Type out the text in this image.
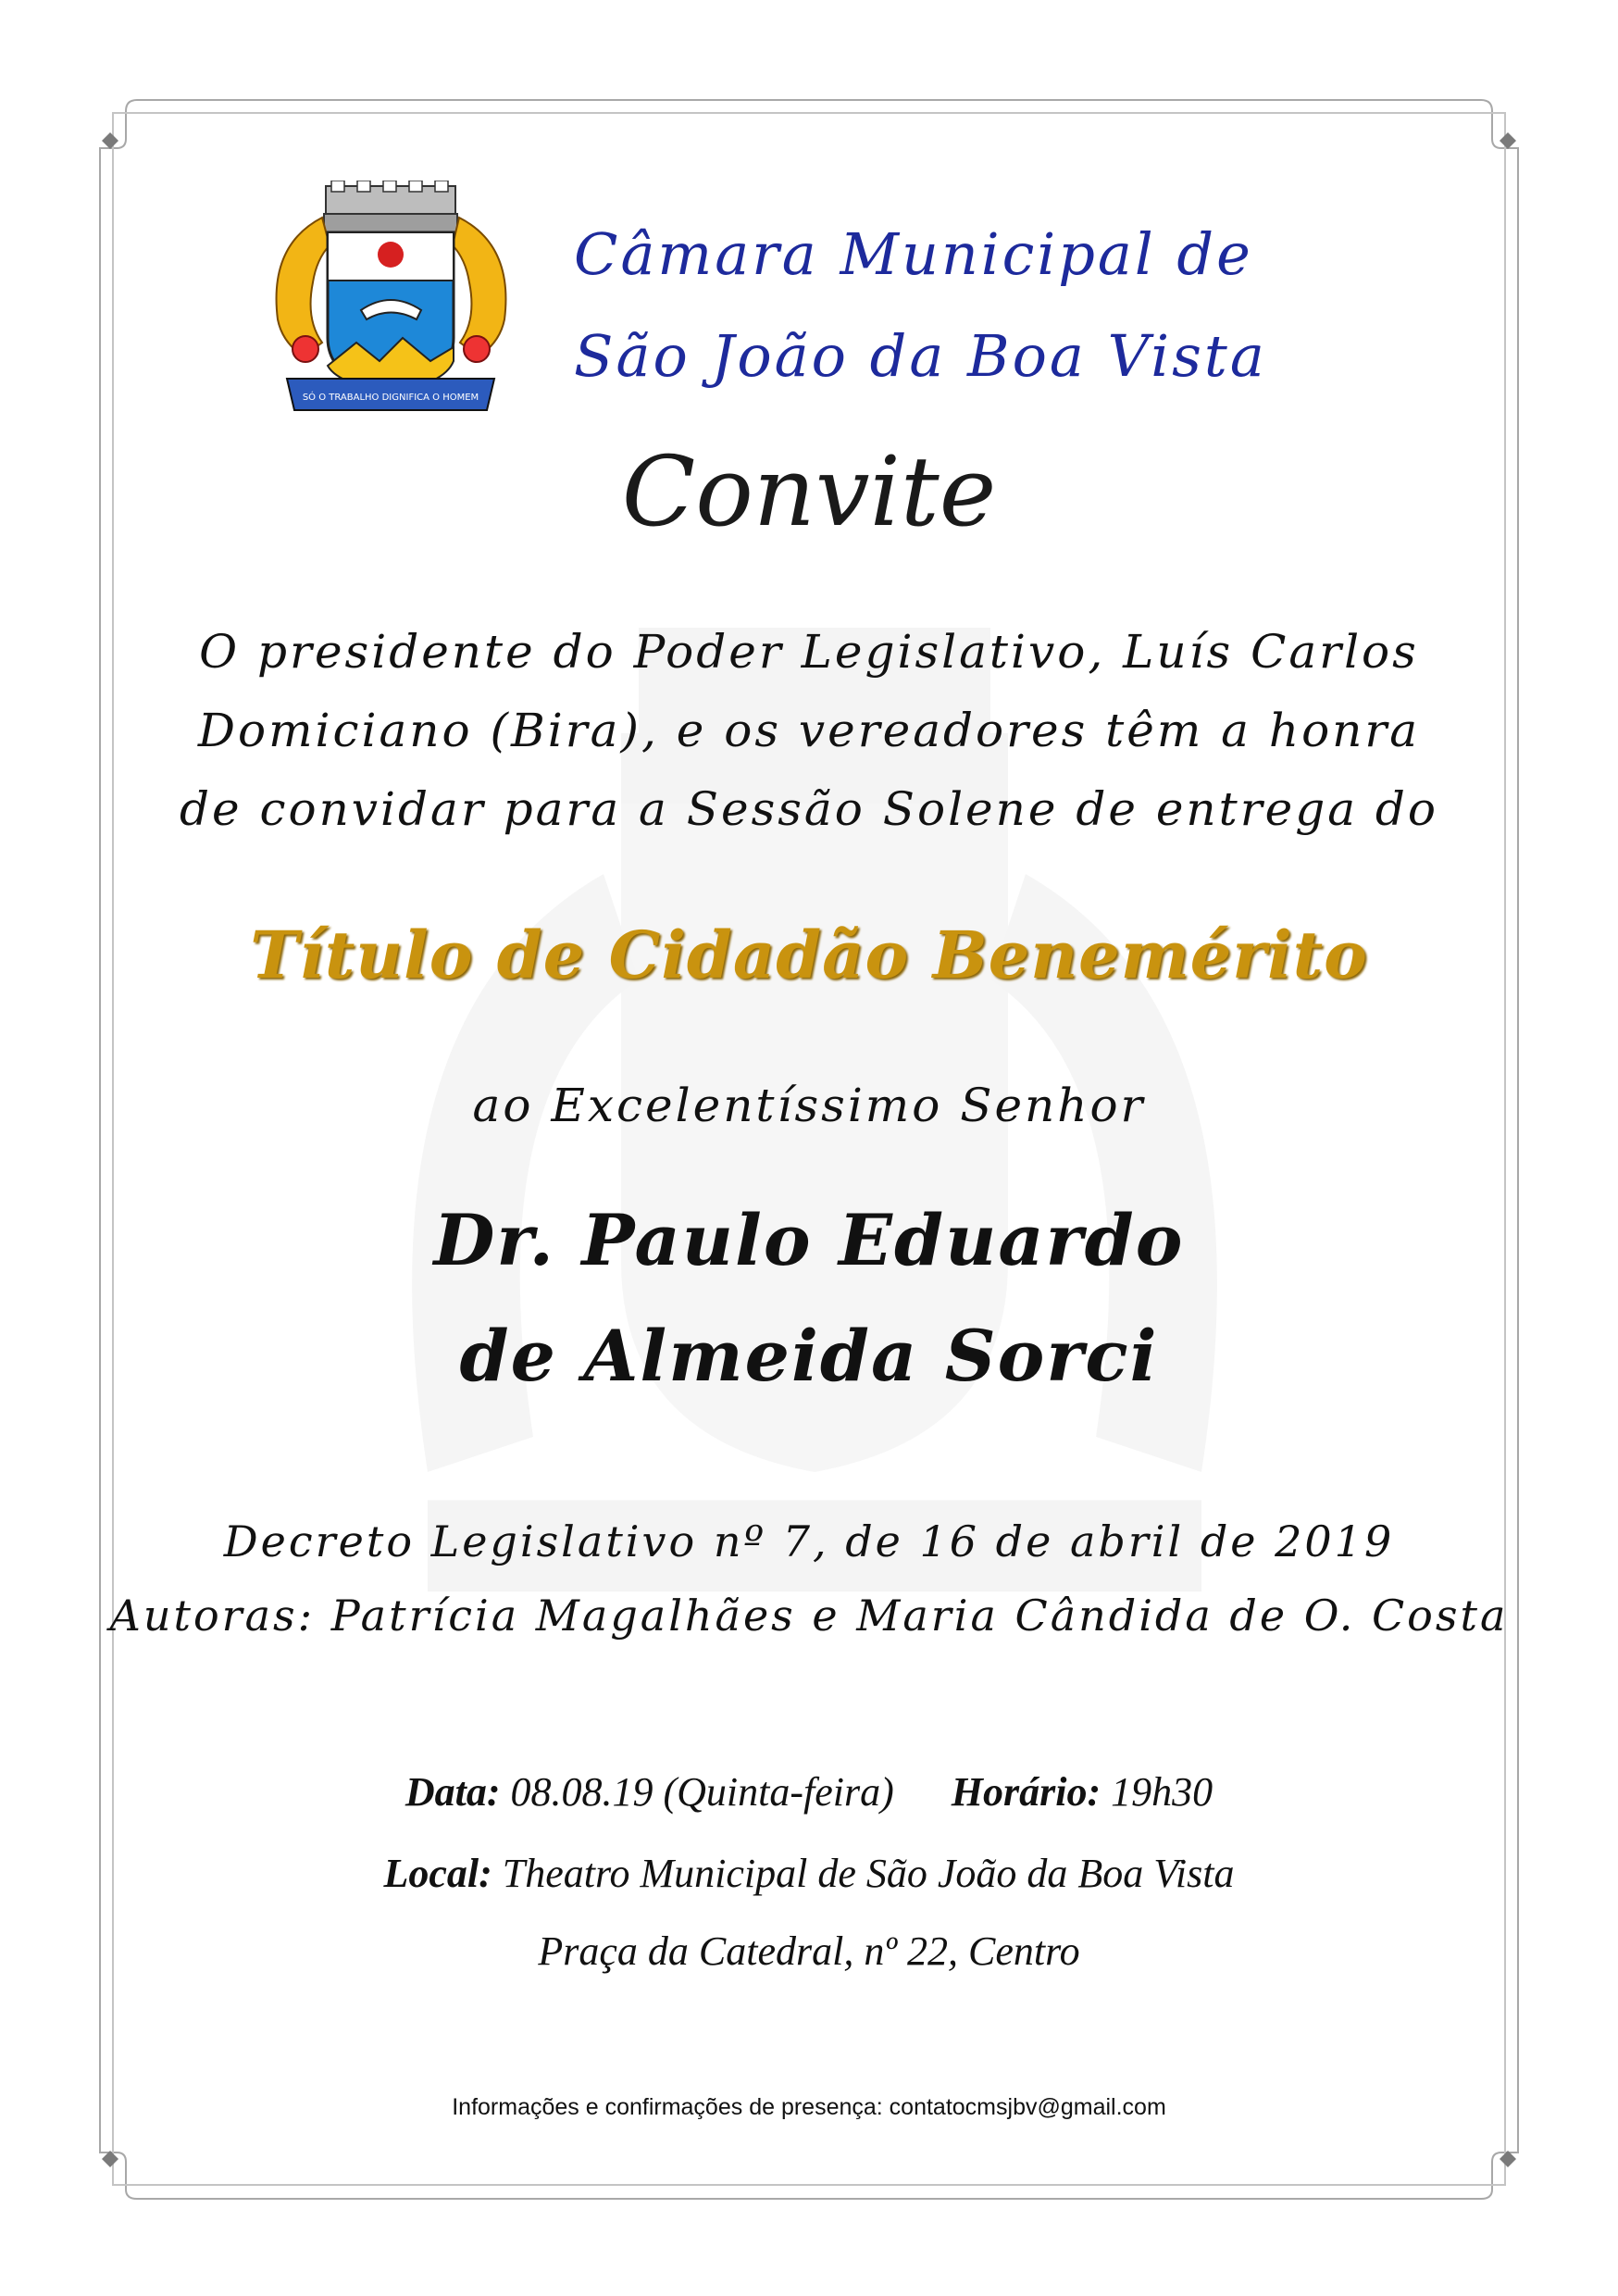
SÓ O TRABALHO DIGNIFICA O HOMEM
Câmara Municipal de
São João da Boa Vista
Convite
O presidente do Poder Legislativo, Luís Carlos
Domiciano (Bira), e os vereadores têm a honra
de convidar para a Sessão Solene de entrega do
Título de Cidadão Benemérito
ao Excelentíssimo Senhor
Dr. Paulo Eduardo
de Almeida Sorci
Decreto Legislativo nº 7, de 16 de abril de 2019
Autoras: Patrícia Magalhães e Maria Cândida de O. Costa
Data: 08.08.19 (Quinta-feira) Horário: 19h30
Local: Theatro Municipal de São João da Boa Vista
Praça da Catedral, nº 22, Centro
Informações e confirmações de presença: contatocmsjbv@gmail.com
